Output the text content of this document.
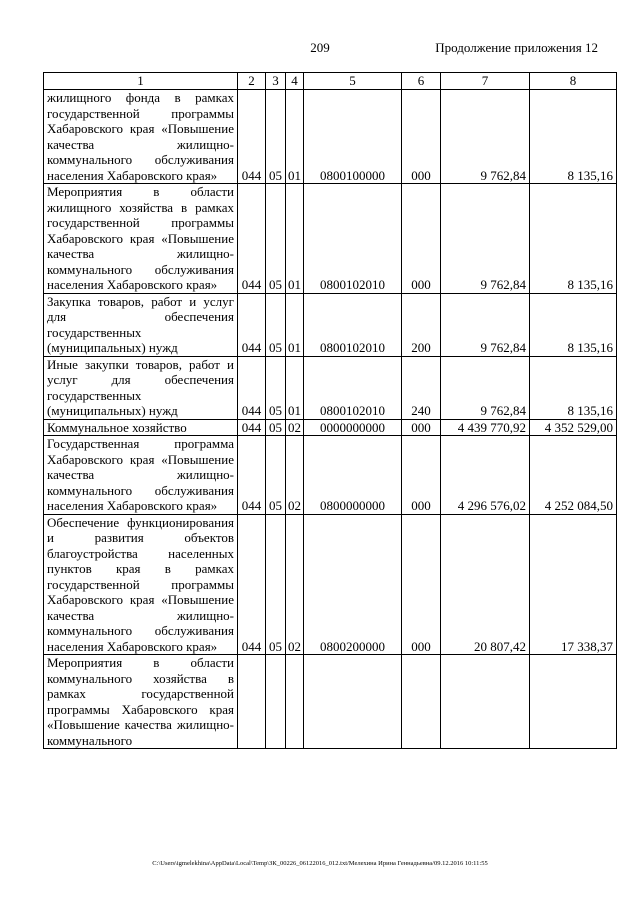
209	Продолжение приложения 12
1	2	3	4	5	6	7	8
жилищного фонда в рамках государственной программы Хабаровского края «Повышение качества жилищно-коммунального обслуживания населения Хабаровского края»	044	05	01	0800100000	000	9 762,84	8 135,16
Мероприятия в области жилищного хозяйства в рамках государственной программы Хабаровского края «Повышение качества жилищно-коммунального обслуживания населения Хабаровского края»	044	05	01	0800102010	000	9 762,84	8 135,16
Закупка товаров, работ и услуг для обеспечения государственных (муниципальных) нужд	044	05	01	0800102010	200	9 762,84	8 135,16
Иные закупки товаров, работ и услуг для обеспечения государственных (муниципальных) нужд	044	05	01	0800102010	240	9 762,84	8 135,16
Коммунальное хозяйство	044	05	02	0000000000	000	4 439 770,92	4 352 529,00
Государственная программа Хабаровского края «Повышение качества жилищно-коммунального обслуживания населения Хабаровского края»	044	05	02	0800000000	000	4 296 576,02	4 252 084,50
Обеспечение функционирования и развития объектов благоустройства населенных пунктов края в рамках государственной программы Хабаровского края «Повышение качества жилищно-коммунального обслуживания населения Хабаровского края»	044	05	02	0800200000	000	20 807,42	17 338,37
Мероприятия в области коммунального хозяйства в рамках государственной программы Хабаровского края «Повышение качества жилищно-коммунального							
C:\Users\igmelekhina\AppData\Local\Temp\ЗК_00226_06122016_012.txt/Мелехина Ирина Геннадьевна/09.12.2016 10:11:55
